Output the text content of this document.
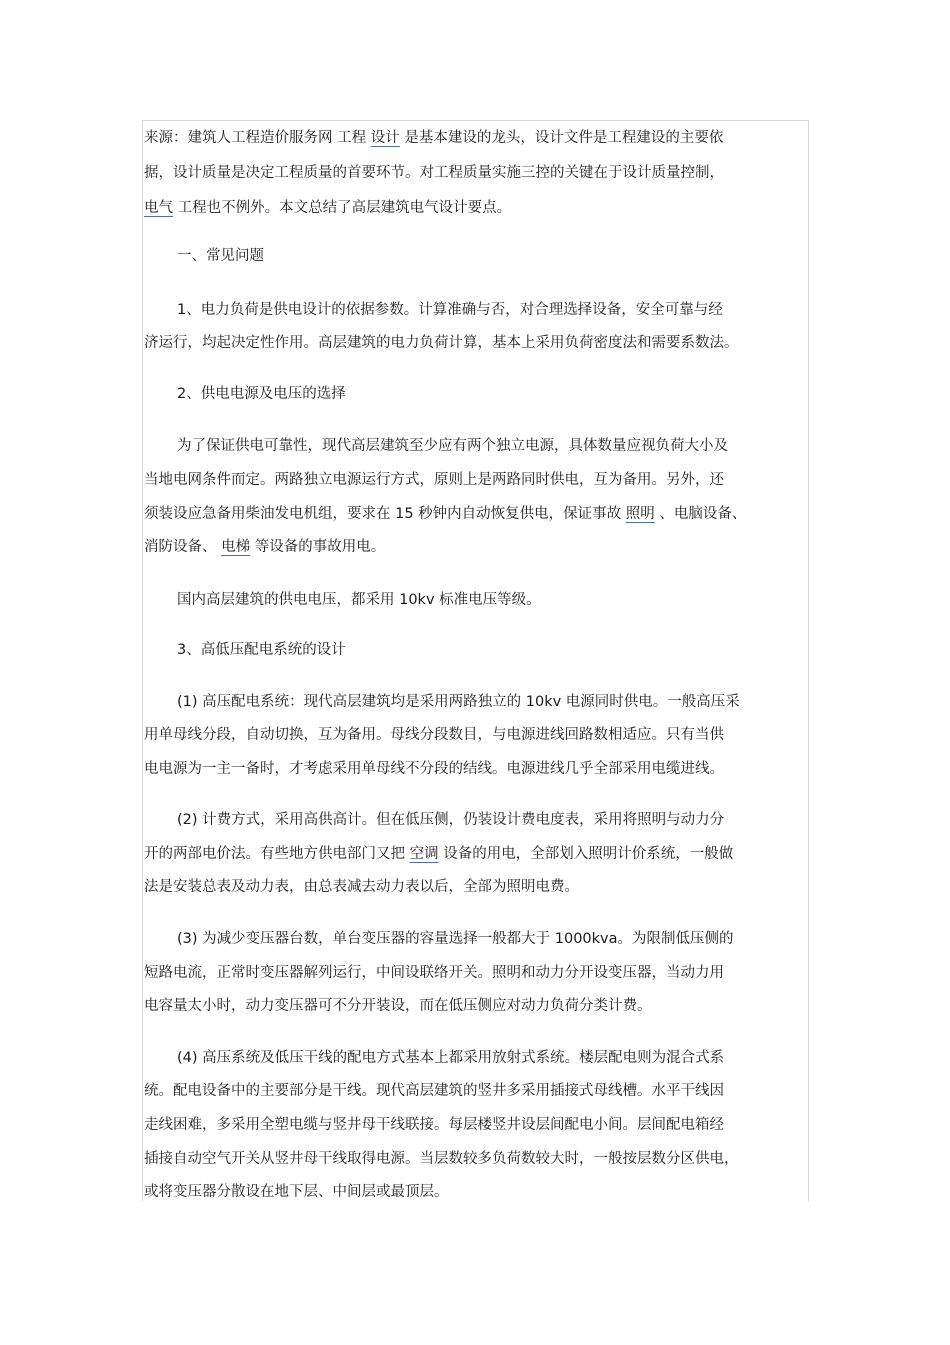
来源：建筑人工程造价服务网 工程 设计 是基本建设的龙头，设计文件是工程建设的主要依
据，设计质量是决定工程质量的首要环节。对工程质量实施三控的关键在于设计质量控制，
电气 工程也不例外。本文总结了高层建筑电气设计要点。
一、常见问题
1、电力负荷是供电设计的依据参数。计算准确与否，对合理选择设备，安全可靠与经
济运行，均起决定性作用。高层建筑的电力负荷计算，基本上采用负荷密度法和需要系数法。
2、供电电源及电压的选择
为了保证供电可靠性，现代高层建筑至少应有两个独立电源，具体数量应视负荷大小及
当地电网条件而定。两路独立电源运行方式，原则上是两路同时供电，互为备用。另外，还
须装设应急备用柴油发电机组，要求在 15 秒钟内自动恢复供电，保证事故 照明 、电脑设备、
消防设备、 电梯 等设备的事故用电。
国内高层建筑的供电电压，都采用 10kv 标准电压等级。
3、高低压配电系统的设计
(1) 高压配电系统：现代高层建筑均是采用两路独立的 10kv 电源同时供电。一般高压采
用单母线分段，自动切换，互为备用。母线分段数目，与电源进线回路数相适应。只有当供
电电源为一主一备时，才考虑采用单母线不分段的结线。电源进线几乎全部采用电缆进线。
(2) 计费方式，采用高供高计。但在低压侧，仍装设计费电度表，采用将照明与动力分
开的两部电价法。有些地方供电部门又把 空调 设备的用电，全部划入照明计价系统，一般做
法是安装总表及动力表，由总表减去动力表以后，全部为照明电费。
(3) 为减少变压器台数，单台变压器的容量选择一般都大于 1000kva。为限制低压侧的
短路电流，正常时变压器解列运行，中间设联络开关。照明和动力分开设变压器，当动力用
电容量太小时，动力变压器可不分开装设，而在低压侧应对动力负荷分类计费。
(4) 高压系统及低压干线的配电方式基本上都采用放射式系统。楼层配电则为混合式系
统。配电设备中的主要部分是干线。现代高层建筑的竖井多采用插接式母线槽。水平干线因
走线困难，多采用全塑电缆与竖井母干线联接。每层楼竖井设层间配电小间。层间配电箱经
插接自动空气开关从竖井母干线取得电源。当层数较多负荷数较大时，一般按层数分区供电，
或将变压器分散设在地下层、中间层或最顶层。
